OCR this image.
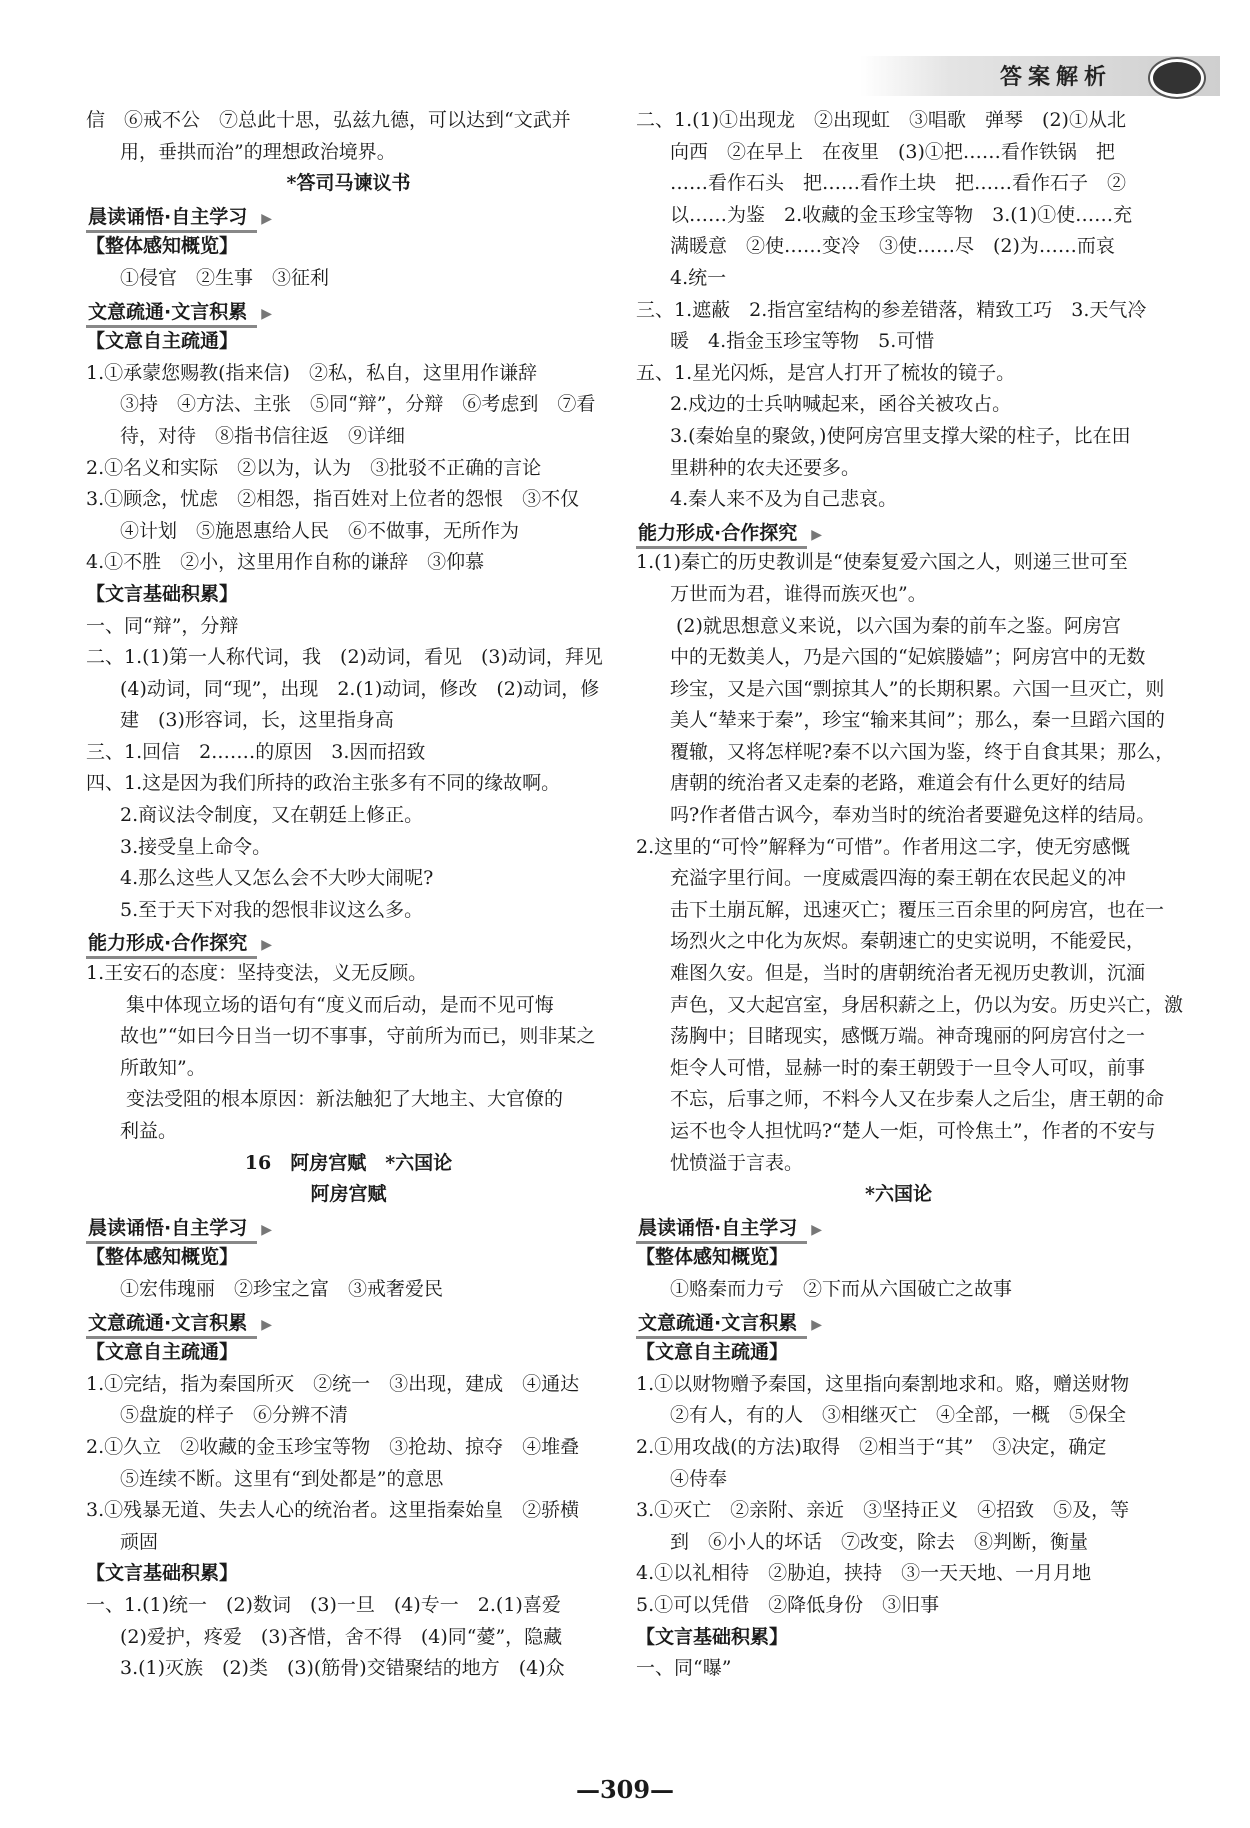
答案解析
信　⑥戒不公　⑦总此十思，弘兹九德，可以达到“文武并
用，垂拱而治”的理想政治境界。
*答司马谏议书
晨读诵悟·自主学习 ▶
【整体感知概览】
①侵官　②生事　③征利
文意疏通·文言积累 ▶
【文意自主疏通】
1.①承蒙您赐教(指来信)　②私，私自，这里用作谦辞
③持　④方法、主张　⑤同“辩”，分辩　⑥考虑到　⑦看
待，对待　⑧指书信往返　⑨详细
2.①名义和实际　②以为，认为　③批驳不正确的言论
3.①顾念，忧虑　②相怨，指百姓对上位者的怨恨　③不仅
④计划　⑤施恩惠给人民　⑥不做事，无所作为
4.①不胜　②小，这里用作自称的谦辞　③仰慕
【文言基础积累】
一、同“辩”，分辩
二、1.(1)第一人称代词，我　(2)动词，看见　(3)动词，拜见
(4)动词，同“现”，出现　2.(1)动词，修改　(2)动词，修
建　(3)形容词，长，这里指身高
三、1.回信　2.……的原因　3.因而招致
四、1.这是因为我们所持的政治主张多有不同的缘故啊。
2.商议法令制度，又在朝廷上修正。
3.接受皇上命令。
4.那么这些人又怎么会不大吵大闹呢?
5.至于天下对我的怨恨非议这么多。
能力形成·合作探究 ▶
1.王安石的态度：坚持变法，义无反顾。
集中体现立场的语句有“度义而后动，是而不见可悔
故也”“如曰今日当一切不事事，守前所为而已，则非某之
所敢知”。
变法受阻的根本原因：新法触犯了大地主、大官僚的
利益。
16　阿房宫赋　*六国论
阿房宫赋
晨读诵悟·自主学习 ▶
【整体感知概览】
①宏伟瑰丽　②珍宝之富　③戒奢爱民
文意疏通·文言积累 ▶
【文意自主疏通】
1.①完结，指为秦国所灭　②统一　③出现，建成　④通达
⑤盘旋的样子　⑥分辨不清
2.①久立　②收藏的金玉珍宝等物　③抢劫、掠夺　④堆叠
⑤连续不断。这里有“到处都是”的意思
3.①残暴无道、失去人心的统治者。这里指秦始皇　②骄横
顽固
【文言基础积累】
一、1.(1)统一　(2)数词　(3)一旦　(4)专一　2.(1)喜爱
(2)爱护，疼爱　(3)吝惜，舍不得　(4)同“薆”，隐藏
3.(1)灭族　(2)类　(3)(筋骨)交错聚结的地方　(4)众
二、1.(1)①出现龙　②出现虹　③唱歌　弹琴　(2)①从北
向西　②在早上　在夜里　(3)①把……看作铁锅　把
……看作石头　把……看作土块　把……看作石子　②
以……为鉴　2.收藏的金玉珍宝等物　3.(1)①使……充
满暖意　②使……变冷　③使……尽　(2)为……而哀
4.统一
三、1.遮蔽　2.指宫室结构的参差错落，精致工巧　3.天气冷
暖　4.指金玉珍宝等物　5.可惜
五、1.星光闪烁，是宫人打开了梳妆的镜子。
2.戍边的士兵呐喊起来，函谷关被攻占。
3.(秦始皇的聚敛，)使阿房宫里支撑大梁的柱子，比在田
里耕种的农夫还要多。
4.秦人来不及为自己悲哀。
能力形成·合作探究 ▶
1.(1)秦亡的历史教训是“使秦复爱六国之人，则递三世可至
万世而为君，谁得而族灭也”。
(2)就思想意义来说，以六国为秦的前车之鉴。阿房宫
中的无数美人，乃是六国的“妃嫔媵嫱”；阿房宫中的无数
珍宝，又是六国“剽掠其人”的长期积累。六国一旦灭亡，则
美人“辇来于秦”，珍宝“输来其间”；那么，秦一旦蹈六国的
覆辙，又将怎样呢?秦不以六国为鉴，终于自食其果；那么，
唐朝的统治者又走秦的老路，难道会有什么更好的结局
吗?作者借古讽今，奉劝当时的统治者要避免这样的结局。
2.这里的“可怜”解释为“可惜”。作者用这二字，使无穷感慨
充溢字里行间。一度威震四海的秦王朝在农民起义的冲
击下土崩瓦解，迅速灭亡；覆压三百余里的阿房宫，也在一
场烈火之中化为灰烬。秦朝速亡的史实说明，不能爱民，
难图久安。但是，当时的唐朝统治者无视历史教训，沉湎
声色，又大起宫室，身居积薪之上，仍以为安。历史兴亡，激
荡胸中；目睹现实，感慨万端。神奇瑰丽的阿房宫付之一
炬令人可惜，显赫一时的秦王朝毁于一旦令人可叹，前事
不忘，后事之师，不料今人又在步秦人之后尘，唐王朝的命
运不也令人担忧吗?“楚人一炬，可怜焦土”，作者的不安与
忧愤溢于言表。
*六国论
晨读诵悟·自主学习 ▶
【整体感知概览】
①赂秦而力亏　②下而从六国破亡之故事
文意疏通·文言积累 ▶
【文意自主疏通】
1.①以财物赠予秦国，这里指向秦割地求和。赂，赠送财物
②有人，有的人　③相继灭亡　④全部，一概　⑤保全
2.①用攻战(的方法)取得　②相当于“其”　③决定，确定
④侍奉
3.①灭亡　②亲附、亲近　③坚持正义　④招致　⑤及，等
到　⑥小人的坏话　⑦改变，除去　⑧判断，衡量
4.①以礼相待　②胁迫，挟持　③一天天地、一月月地
5.①可以凭借　②降低身份　③旧事
【文言基础积累】
一、同“曝”
—309—
